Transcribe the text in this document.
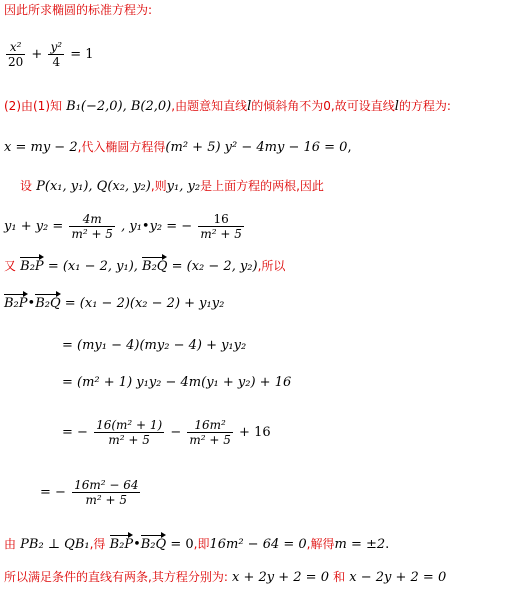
因此所求椭圆的标准方程为:
$\frac{\text{x²}}{20} + \frac{\text{y²}}{4} = 1$
(2)由(1)知 B₁(−2,0), B(2,0),由题意知直线l的倾斜角不为0,故可设直线l的方程为:
x = my − 2,代入椭圆方程得(m² + 5) y² − 4my − 16 = 0,
设 P(x₁, y₁), Q(x₂, y₂),则y₁, y₂是上面方程的两根,因此
$y_1 + y_2 = \frac{4m}{\text{m² + 5}}$ , y₁•y₂ = − $\frac{16}{\text{m² + 5}}$
又 B₂P = (x₁ − 2, y₁), B₂Q = (x₂ − 2, y₂),所以
B₂P•B₂Q = (x₁ − 2)(x₂ − 2) + y₁y₂
= (my₁ − 4)(my₂ − 4) + y₁y₂
= (m² + 1) y₁y₂ − 4m(y₁ + y₂) + 16
= − $\frac{\text{16(m² + 1)}}{\text{m² + 5}} - \frac{\text{16m²}}{\text{m² + 5}} + 16$
= − $\frac{\text{16m² − 64}}{\text{m² + 5}}$
由 PB₂ ⊥ QB₁,得 B₂P•B₂Q = 0,即16m² − 64 = 0,解得m = ±2.
所以满足条件的直线有两条,其方程分别为: x + 2y + 2 = 0 和 x − 2y + 2 = 0
